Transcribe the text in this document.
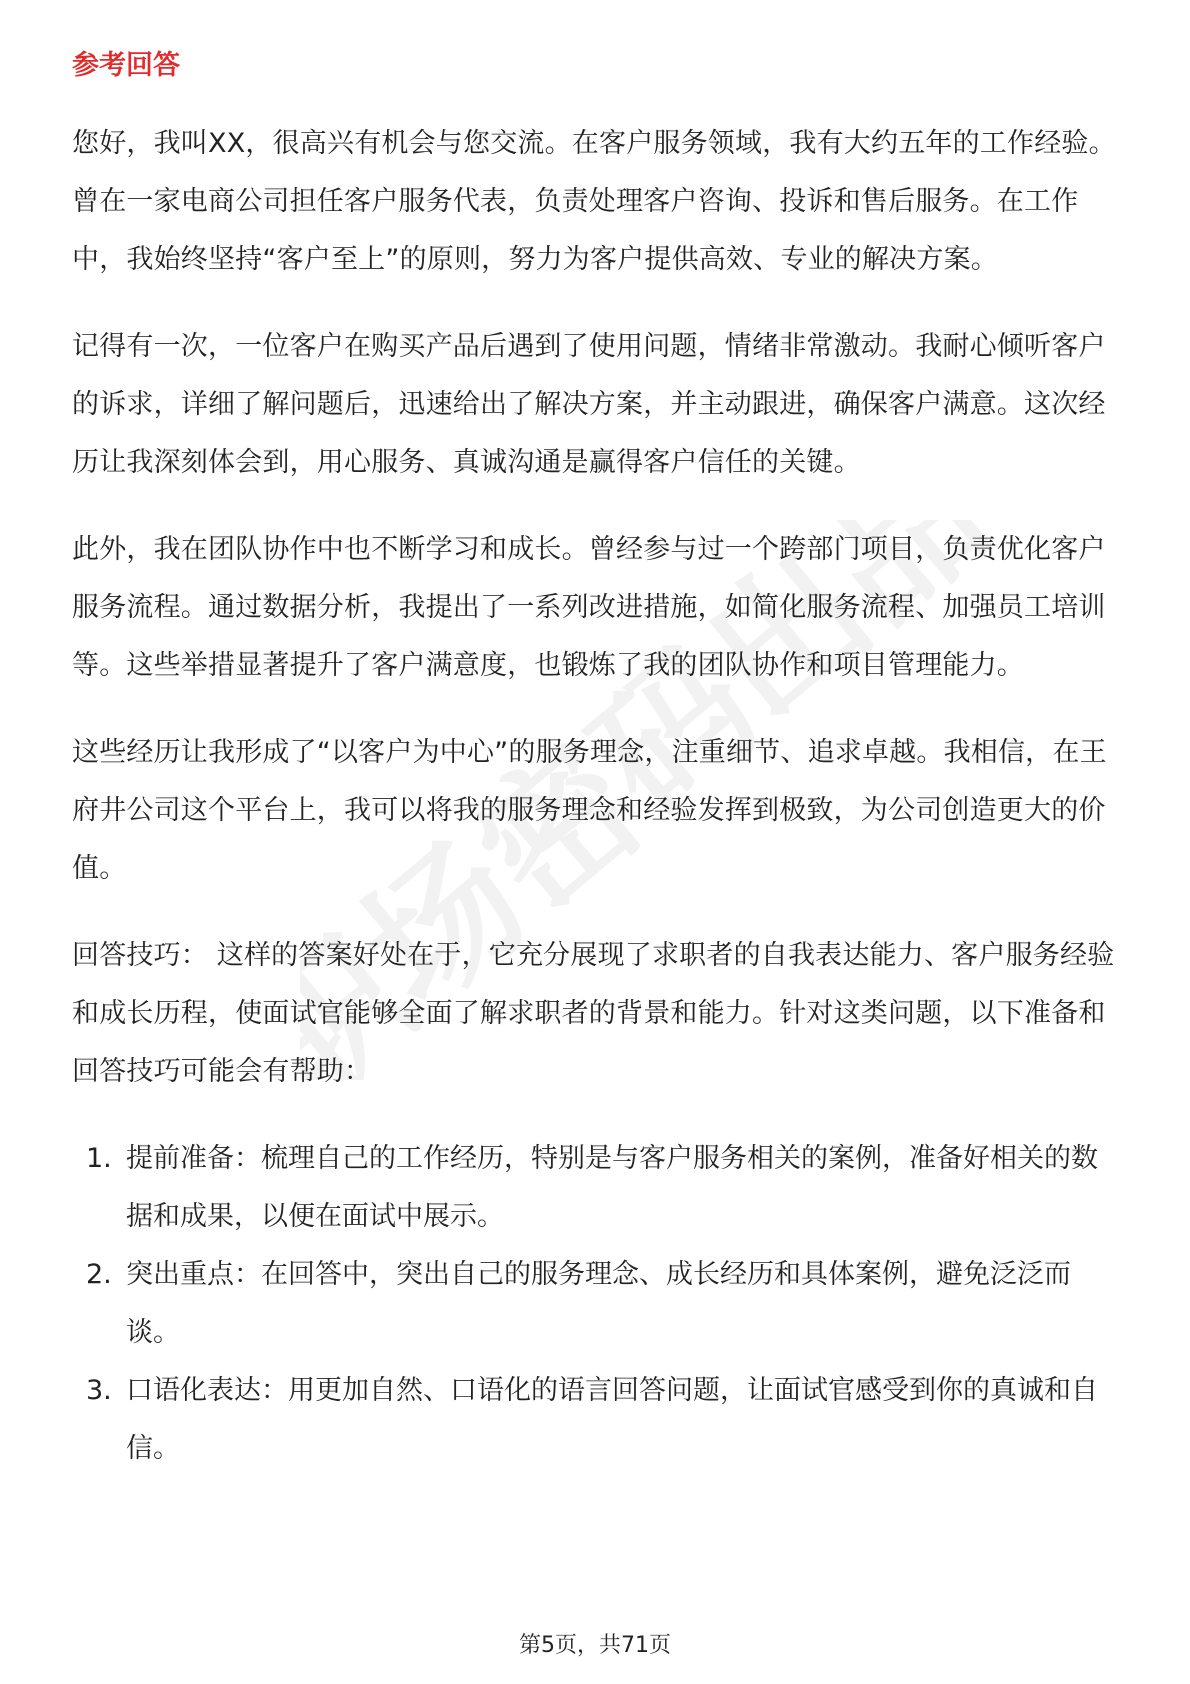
职场密码出品
参考回答

您好，我叫XX，很高兴有机会与您交流。在客户服务领域，我有大约五年的工作经验。曾在一家电商公司担任客户服务代表，负责处理客户咨询、投诉和售后服务。在工作中，我始终坚持“客户至上”的原则，努力为客户提供高效、专业的解决方案。

记得有一次，一位客户在购买产品后遇到了使用问题，情绪非常激动。我耐心倾听客户的诉求，详细了解问题后，迅速给出了解决方案，并主动跟进，确保客户满意。这次经历让我深刻体会到，用心服务、真诚沟通是赢得客户信任的关键。

此外，我在团队协作中也不断学习和成长。曾经参与过一个跨部门项目，负责优化客户服务流程。通过数据分析，我提出了一系列改进措施，如简化服务流程、加强员工培训等。这些举措显著提升了客户满意度，也锻炼了我的团队协作和项目管理能力。

这些经历让我形成了“以客户为中心”的服务理念，注重细节、追求卓越。我相信，在王府井公司这个平台上，我可以将我的服务理念和经验发挥到极致，为公司创造更大的价值。

回答技巧： 这样的答案好处在于，它充分展现了求职者的自我表达能力、客户服务经验和成长历程，使面试官能够全面了解求职者的背景和能力。针对这类问题，以下准备和回答技巧可能会有帮助：

1. 提前准备：梳理自己的工作经历，特别是与客户服务相关的案例，准备好相关的数据和成果，以便在面试中展示。
2. 突出重点：在回答中，突出自己的服务理念、成长经历和具体案例，避免泛泛而谈。
3. 口语化表达：用更加自然、口语化的语言回答问题，让面试官感受到你的真诚和自信。
第5页，共71页
